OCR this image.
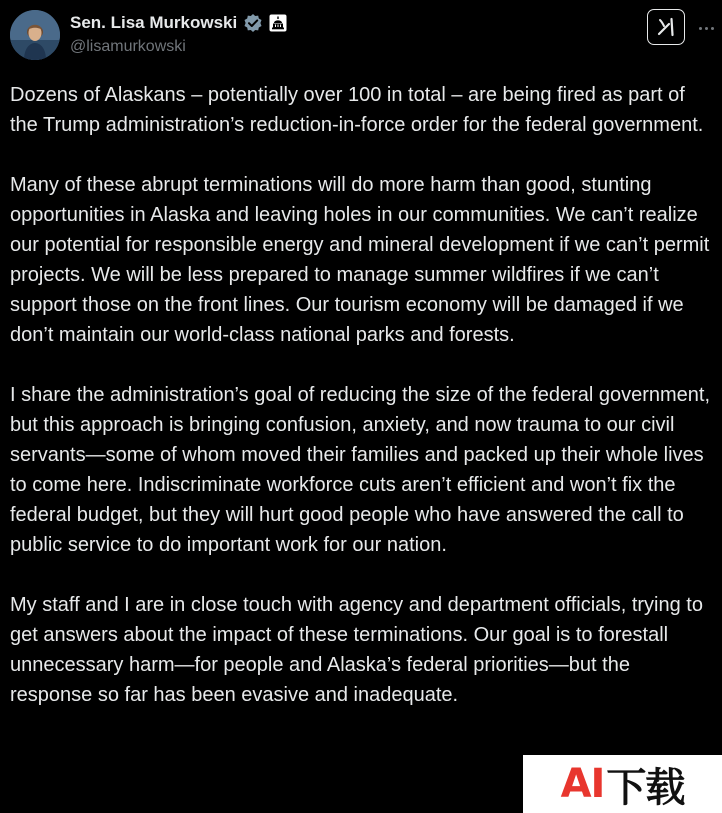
Sen. Lisa Murkowski
@lisamurkowski

Dozens of Alaskans – potentially over 100 in total – are being fired as part of the Trump administration’s reduction-in-force order for the federal government.

Many of these abrupt terminations will do more harm than good, stunting opportunities in Alaska and leaving holes in our communities. We can’t realize our potential for responsible energy and mineral development if we can’t permit projects. We will be less prepared to manage summer wildfires if we can’t support those on the front lines. Our tourism economy will be damaged if we don’t maintain our world-class national parks and forests.

I share the administration’s goal of reducing the size of the federal government, but this approach is bringing confusion, anxiety, and now trauma to our civil servants—some of whom moved their families and packed up their whole lives to come here. Indiscriminate workforce cuts aren’t efficient and won’t fix the federal budget, but they will hurt good people who have answered the call to public service to do important work for our nation.

My staff and I are in close touch with agency and department officials, trying to get answers about the impact of these terminations. Our goal is to forestall unnecessary harm—for people and Alaska’s federal priorities—but the response so far has been evasive and inadequate.

AI 下载
